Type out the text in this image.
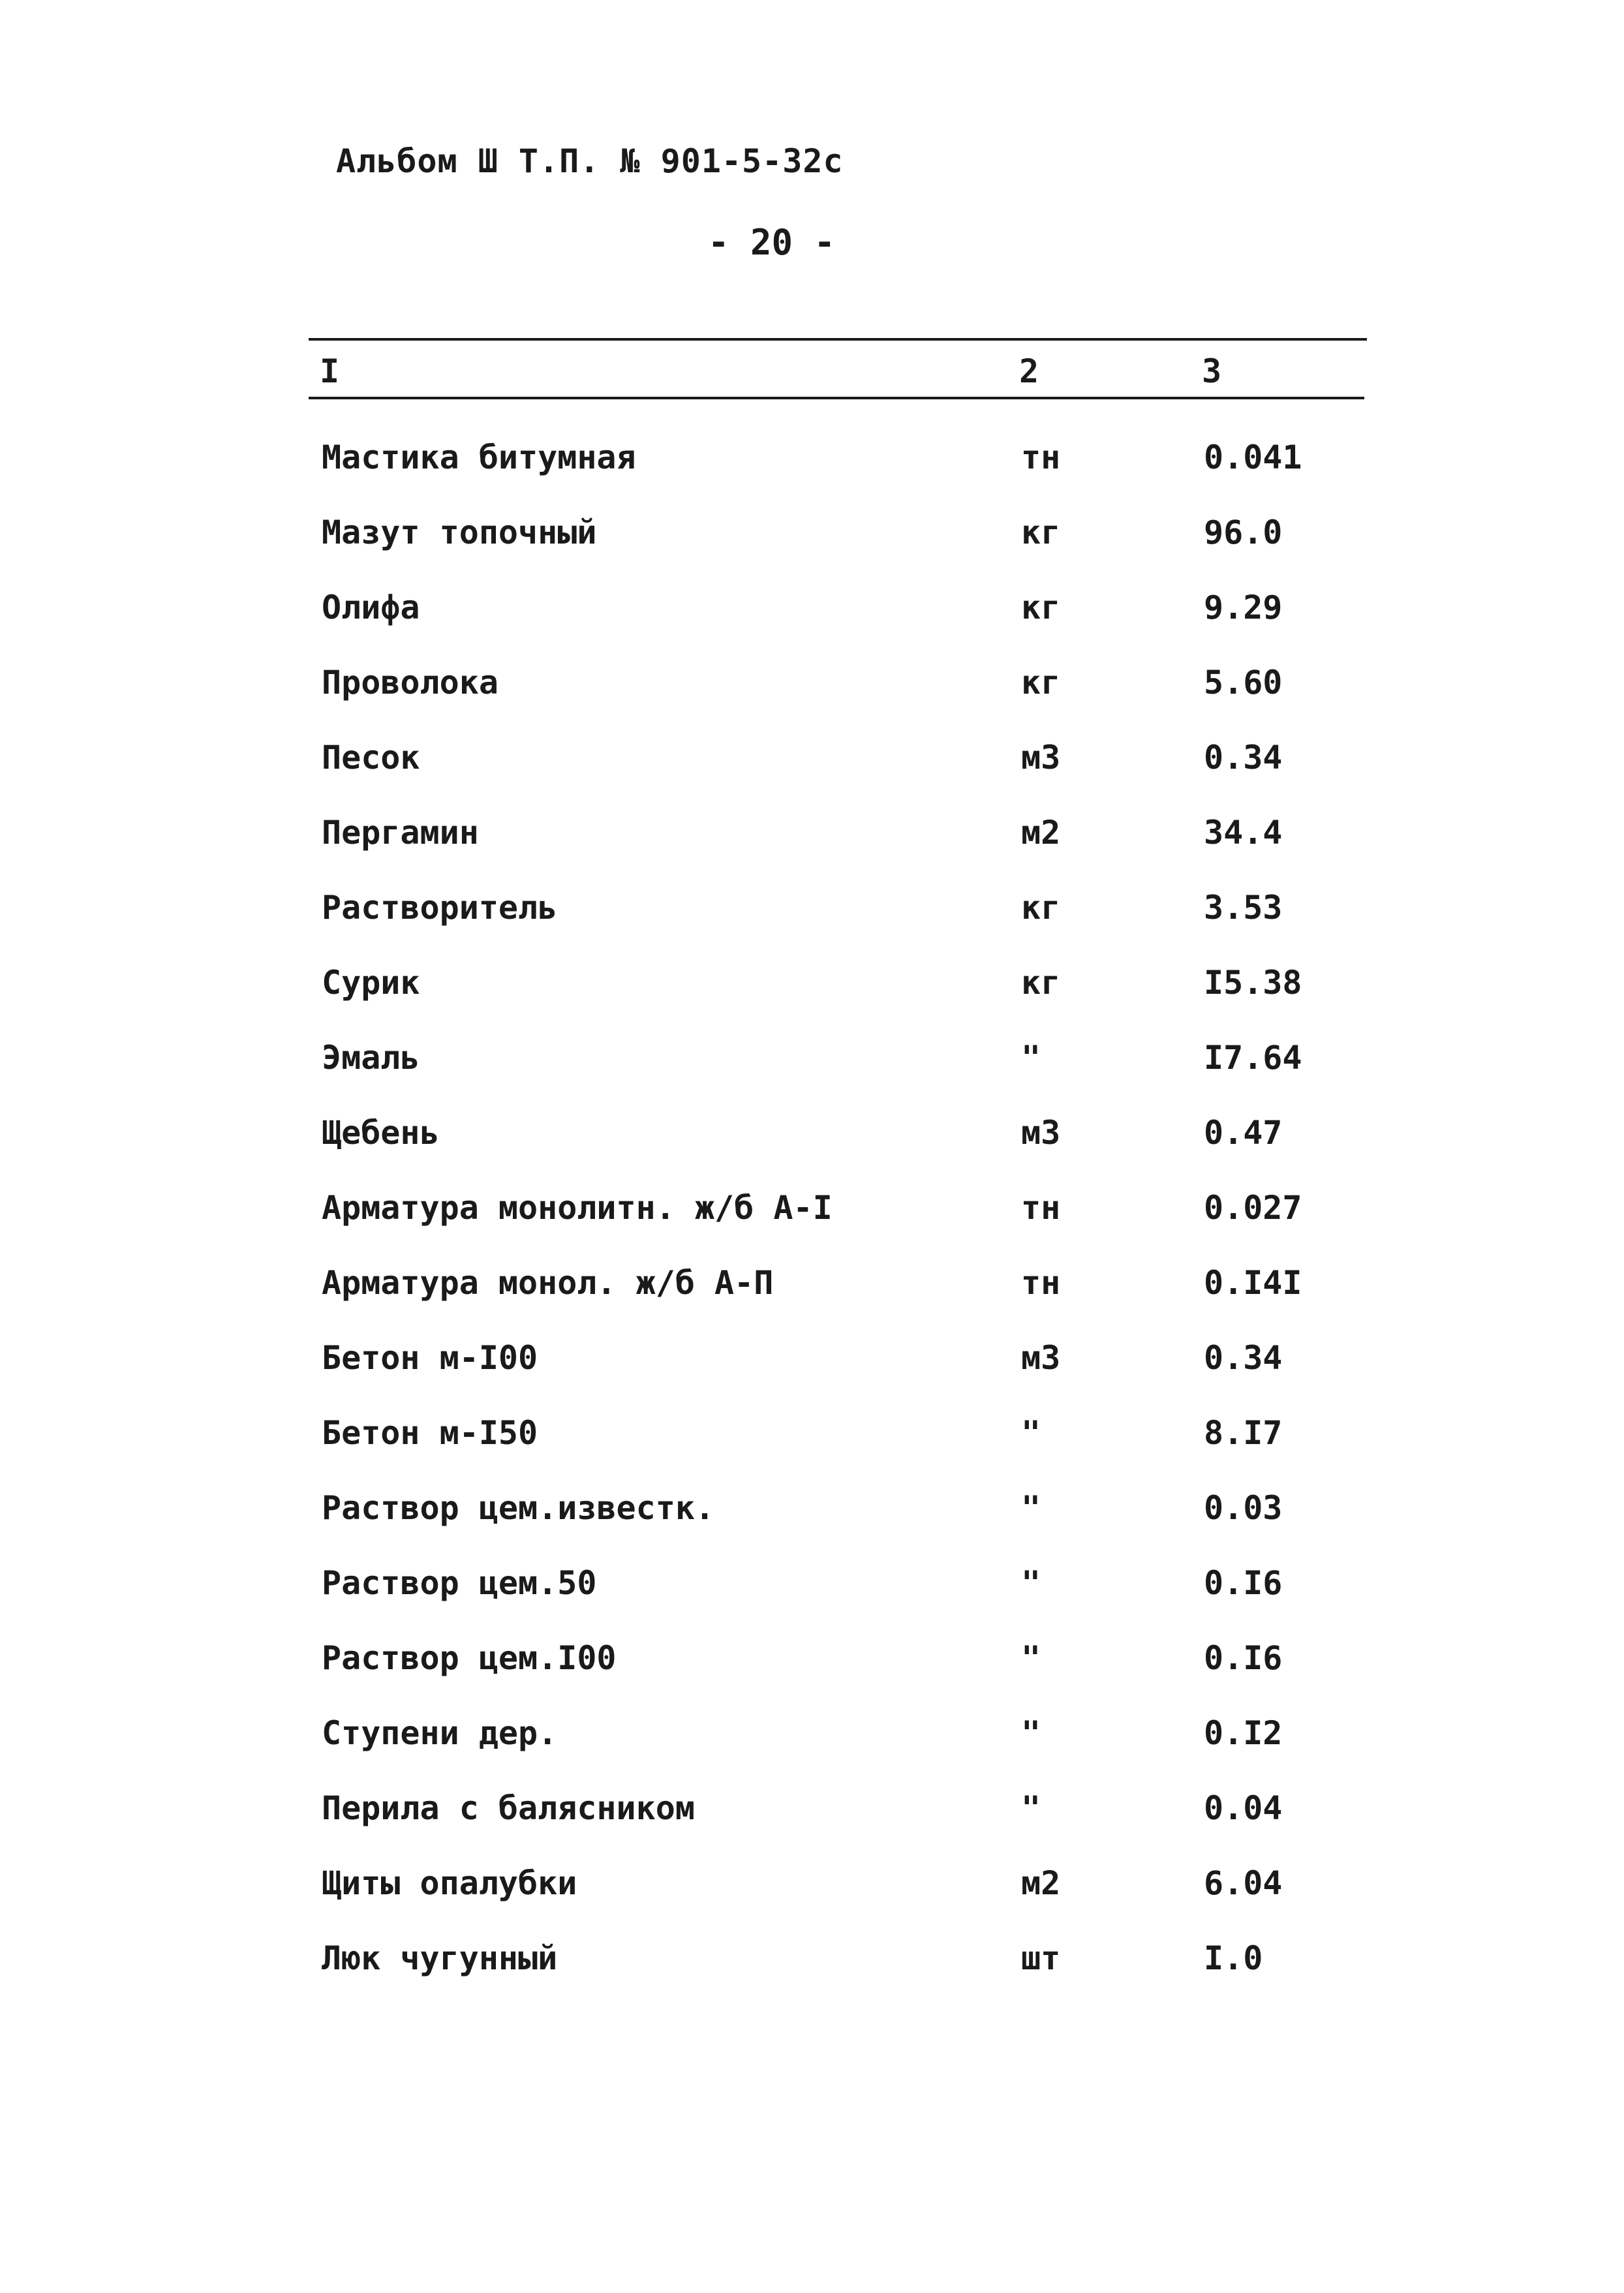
Альбом Ш Т.П. № 901-5-32с
- 20 -
I	2	3
Мастика битумная	тн	0.041
Мазут топочный	кг	96.0
Олифа	кг	9.29
Проволока	кг	5.60
Песок	м3	0.34
Пергамин	м2	34.4
Растворитель	кг	3.53
Сурик	кг	I5.38
Эмаль	"	I7.64
Щебень	м3	0.47
Арматура монолитн. ж/б А-I	тн	0.027
Арматура монол. ж/б А-П	тн	0.I4I
Бетон м-I00	м3	0.34
Бетон м-I50	"	8.I7
Раствор цем.известк.	"	0.03
Раствор цем.50	"	0.I6
Раствор цем.I00	"	0.I6
Ступени дер.	"	0.I2
Перила с балясником	"	0.04
Щиты опалубки	м2	6.04
Люк чугунный	шт	I.0
